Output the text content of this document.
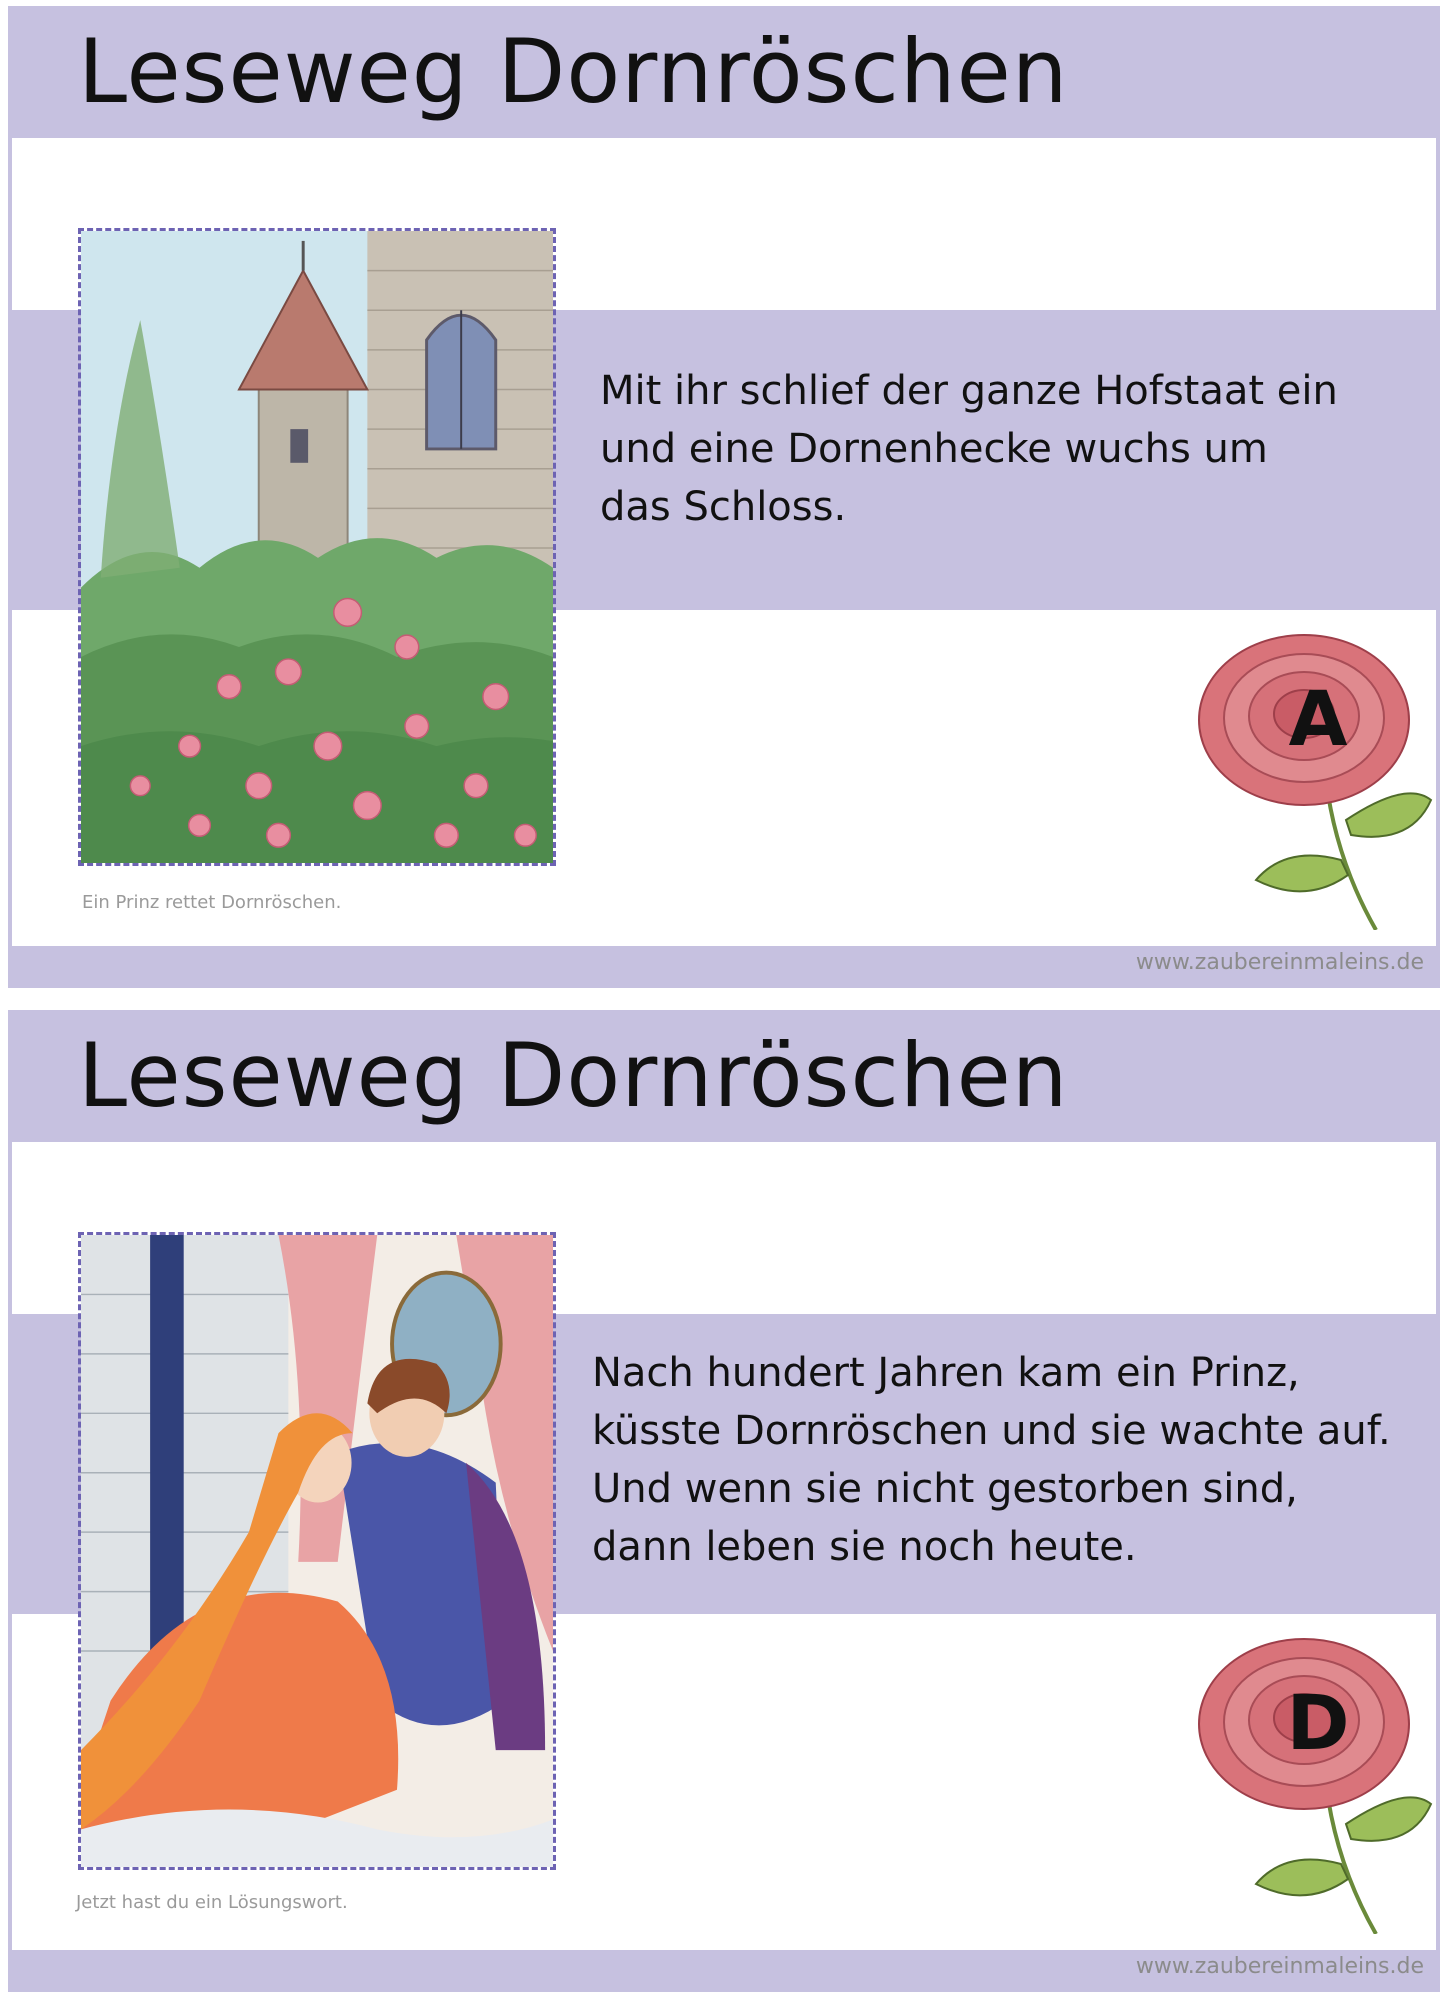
Leseweg Dornröschen
Mit ihr schlief der ganze Hofstaat ein
und eine Dornenhecke wuchs um
das Schloss.
Ein Prinz rettet Dornröschen.
A
www.zaubereinmaleins.de
Leseweg Dornröschen
Nach hundert Jahren kam ein Prinz,
küsste Dornröschen und sie wachte auf.
Und wenn sie nicht gestorben sind,
dann leben sie noch heute.
Jetzt hast du ein Lösungswort.
D
www.zaubereinmaleins.de
